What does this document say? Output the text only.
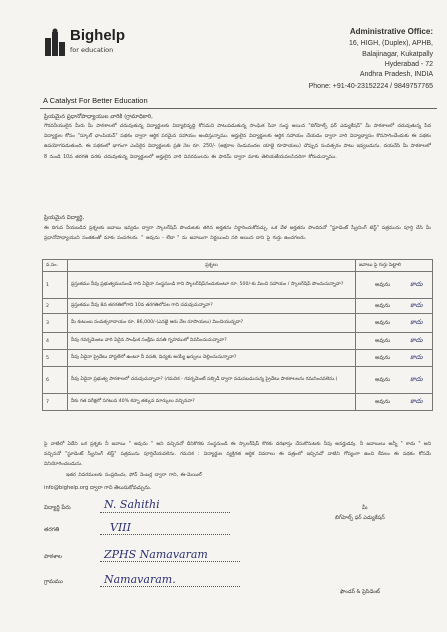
Bighelp
for education
A Catalyst For Better Education
Administrative Office:
16, HIGH, (Duplex), APHB,
Balajinagar, Kukatpally
Hyderabad - 72
Andhra Pradesh, INDIA
Phone: +91-40-23152224 / 9849757765
ప్రియమైన ప్రధానోపాధ్యాయుల వారికి (గ్రామాధికారి,
గౌరవనీయులైన మీరు మీ పాఠశాలలో చదువుతున్న విద్యార్థులకు విద్యాభివృద్ధి కోసమని పాటుపడుతున్న సాంఘిక సేవా సంస్థ అయిన "బిగ్‌హెల్ప్ ఫర్ ఎడ్యుకేషన్" మీ పాఠశాలలో చదువుతున్న పేద విద్యార్థుల కోసం "స్కూల్ ఛాంపియన్" పథకం ద్వారా ఆర్థిక పరమైన సహాయం అందిస్తున్నాము. అర్హులైన విద్యార్థులకు ఆర్థిక సహాయం చేయడం ద్వారా వారి విద్యాభ్యాసం కొనసాగించేందుకు ఈ పథకం ఉపయోగపడుతుంది. ఈ పథకంలో భాగంగా ఎంపికైన విద్యార్థులకు ప్రతి నెల రూ. 250/- (అక్షరాల రెండువందల యాభై రూపాయలు) చొప్పున సంవత్సరం పాటు ఇవ్వబడును. దయచేసి మీ పాఠశాలలో 8 నుండి 10వ తరగతి వరకు చదువుతున్న విద్యార్థులలో అర్హులైన వారి వివరములను ఈ ఫారమ్ ద్వారా మాకు తెలియజేయవలసినదిగా కోరుచున్నాము.
ప్రియమైన విద్యార్థి,
ఈ దిగువ నీయబడిన ప్రశ్నలకు జవాబు ఇవ్వడం ద్వారా స్కాలర్‌షిప్ పొందుటకు తగిన అర్హతను నిర్ధారించుకోవచ్చు. ఒక వేళ అర్హతను పొందినచో "స్టూడెంట్ స్క్రీనింగ్ టెస్ట్" పత్రమును పూర్తి చేసి మీ ప్రధానోపాధ్యాయుని సంతకంతో మాకు పంపగలరు. " అవును - లేదా " ను జవాబుగా నిర్ణయించి సరి అయిన దాని పై గుర్తు ఉంచగలరు.
వ.సం.	ప్రశ్నలు	జవాబు పై గుర్తు పెట్టాలి
1	ప్రస్తుతము నీవు ప్రభుత్వమునుండి గాని ఏదైనా సంస్థనుండి గాని స్కాలర్‌షిప్‌నందుకుంటూ రూ. 500/-కు మించి సహాయం / స్కాలర్‌షిప్ పొందుచున్నావా?	అవును కాదు
2	ప్రస్తుతము నీవు 8వ తరగతిలోగాని 10వ తరగతిలోపల గాని చదువుచున్నావా?	అవును కాదు
3	మీ కుటుంబ సంవత్సరాదాయం రూ. 86,000/-(ఎనభై ఆరు వేల రూపాయలు) మించియున్నదా?	అవును కాదు
4	నీవు గవర్నమెంటు వారి ఏదైన సాంఘిక సంక్షేమ వసతి గృహములో నివసించుచున్నావా?	అవును కాదు
5	నీవు ఏదైనా ప్రైవేటు హాస్టల్‌లో ఉంటూ నీ వసతి, విద్యకు అయ్యే ఖర్చులు చెల్లించుచున్నావా?	అవును కాదు
6	నీవు ఏదైనా ప్రభుత్వ పాఠశాలలో చదువుచున్నావా? (గమనిక - గవర్నమెంట్ సబ్సిడీ ద్వారా నడుపబడుచున్న ప్రైవేటు పాఠశాలలను గమనించవలెను.)	అవును కాదు
7	నీకు గత పరీక్షలో సగటున 40% కన్నా తక్కువ మార్కులు వచ్చినవా?	అవును కాదు
పై వాటిలో ఏదేని ఒక ప్రశ్నకు నీ జవాబు " అవును " అని వచ్చినచో దీనికొరకు సంస్థనుండి ఈ స్కాలర్‌షిప్ కొరకు దరఖాస్తు చేసుకొనుటకు నీవు అనర్హుడవు. నీ జవాబులు అన్నీ " కాదు " అని వచ్చినచో "స్టూడెంట్ స్క్రీనింగ్ టెస్ట్" పత్రమును పూర్తిచేయవలెను. గమనిక : విద్యార్థుల వ్యక్తిగత ఆర్థిక వివరాలు ఈ పత్రంలో ఇచ్చినచో వాటిని గోప్యంగా ఉంచి కేవలం ఈ పథకం కోసమే వినియోగించబడును.
ఇతర వివరములకు సంప్రదించు, ఫోన్ నెంబర్ల ద్వారా గాని, ఈ-మెయిల్
info@bighelp.org ద్వారా గాని తెలుసుకోవచ్చును.
విద్యార్థి పేరు	N. Sahithi
తరగతి	VIII
పాఠశాల	ZPHS Namavaram
గ్రామము	Namavaram.
మీ
బిగ్‌హెల్ప్ ఫర్ ఎడ్యుకేషన్
ఫౌండర్ & ప్రెసిడెంట్
